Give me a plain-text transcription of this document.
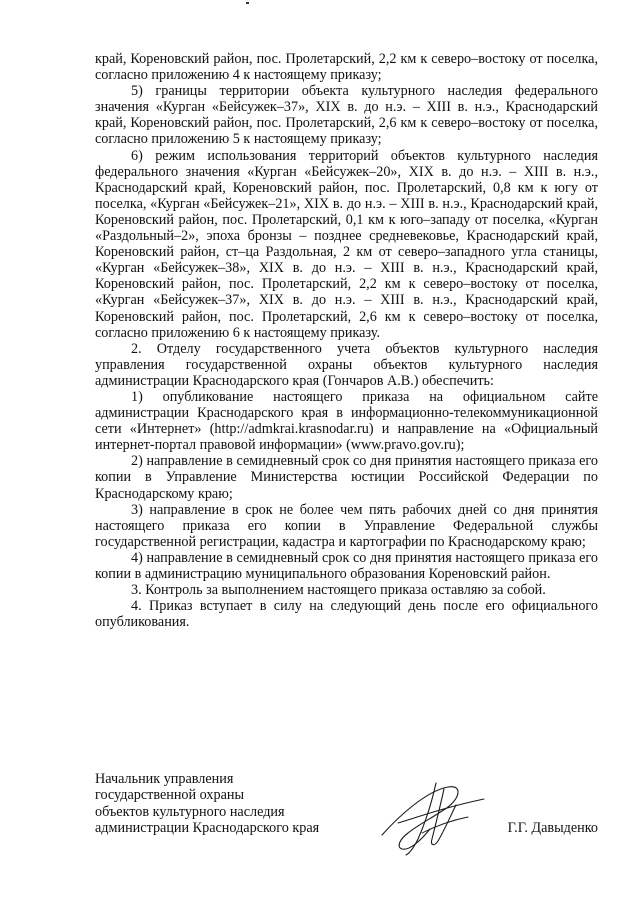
край, Кореновский район, пос. Пролетарский, 2,2 км к северо–востоку от поселка, согласно приложению 4 к настоящему приказу;

5) границы территории объекта культурного наследия федерального значения «Курган «Бейсужек–37», XIX в. до н.э. – XIII в. н.э., Краснодарский край, Кореновский район, пос. Пролетарский, 2,6 км к северо–востоку от поселка, согласно приложению 5 к настоящему приказу;

6) режим использования территорий объектов культурного наследия федерального значения «Курган «Бейсужек–20», XIX в. до н.э. – XIII в. н.э., Краснодарский край, Кореновский район, пос. Пролетарский, 0,8 км к югу от поселка, «Курган «Бейсужек–21», XIX в. до н.э. – XIII в. н.э., Краснодарский край, Кореновский район, пос. Пролетарский, 0,1 км к юго–западу от поселка, «Курган «Раздольный–2», эпоха бронзы – позднее средневековье, Краснодарский край, Кореновский район, ст–ца Раздольная, 2 км от северо–западного угла станицы, «Курган «Бейсужек–38», XIX в. до н.э. – XIII в. н.э., Краснодарский край, Кореновский район, пос. Пролетарский, 2,2 км к северо–востоку от поселка, «Курган «Бейсужек–37», XIX в. до н.э. – XIII в. н.э., Краснодарский край, Кореновский район, пос. Пролетарский, 2,6 км к северо–востоку от поселка, согласно приложению 6 к настоящему приказу.

2. Отделу государственного учета объектов культурного наследия управления государственной охраны объектов культурного наследия администрации Краснодарского края (Гончаров А.В.) обеспечить:

1) опубликование настоящего приказа на официальном сайте администрации Краснодарского края в информационно-телекоммуникационной сети «Интернет» (http://admkrai.krasnodar.ru) и направление на «Официальный интернет-портал правовой информации» (www.pravo.gov.ru);

2) направление в семидневный срок со дня принятия настоящего приказа его копии в Управление Министерства юстиции Российской Федерации по Краснодарскому краю;

3) направление в срок не более чем пять рабочих дней со дня принятия настоящего приказа его копии в Управление Федеральной службы государственной регистрации, кадастра и картографии по Краснодарскому краю;

4) направление в семидневный срок со дня принятия настоящего приказа его копии в администрацию муниципального образования Кореновский район.

3. Контроль за выполнением настоящего приказа оставляю за собой.

4. Приказ вступает в силу на следующий день после его официального опубликования.

Начальник управления
государственной охраны
объектов культурного наследия
администрации Краснодарского края	Г.Г. Давыденко
